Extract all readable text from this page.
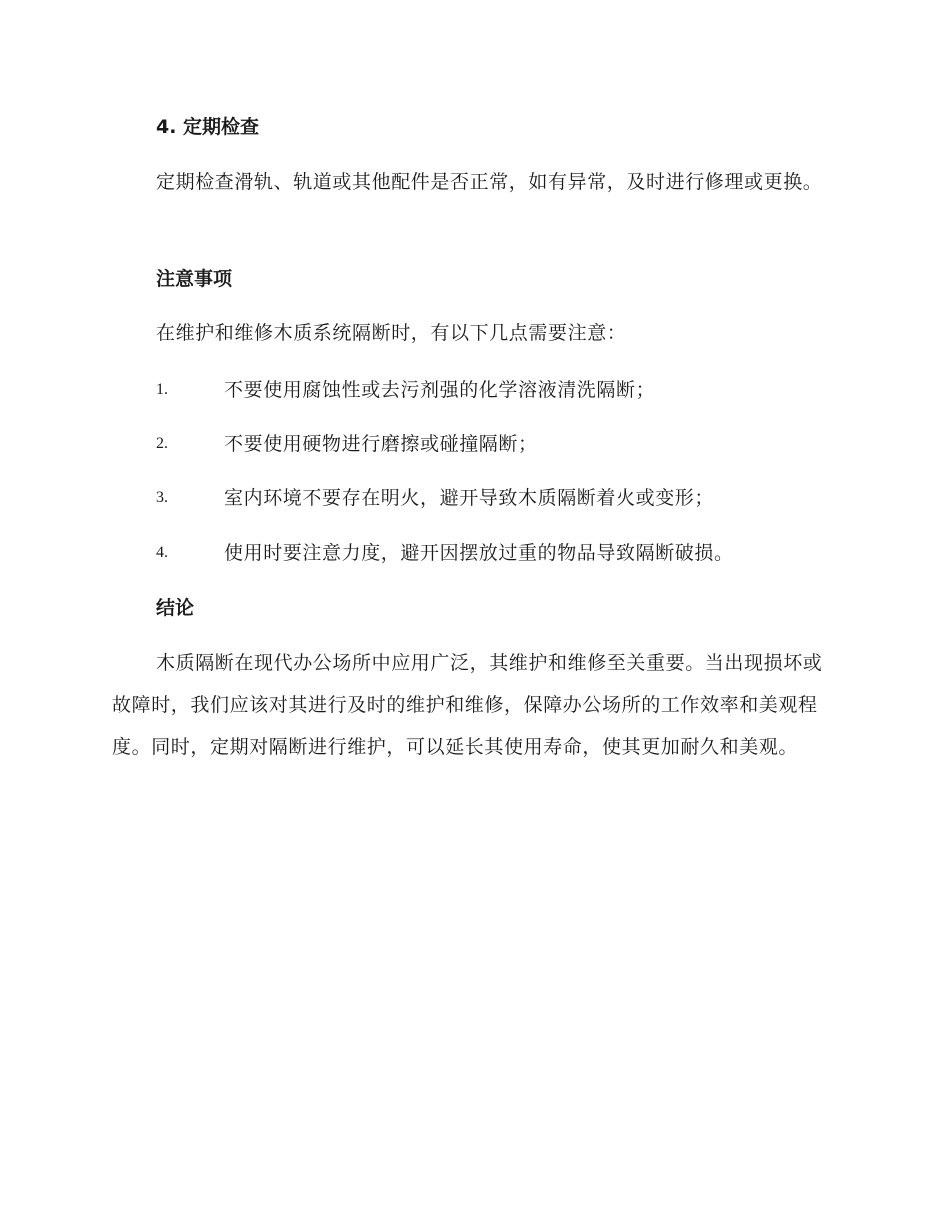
4. 定期检查

定期检查滑轨、轨道或其他配件是否正常，如有异常，及时进行修理或更换。

注意事项

在维护和维修木质系统隔断时，有以下几点需要注意：

1.	不要使用腐蚀性或去污剂强的化学溶液清洗隔断；
2.	不要使用硬物进行磨擦或碰撞隔断；
3.	室内环境不要存在明火，避开导致木质隔断着火或变形；
4.	使用时要注意力度，避开因摆放过重的物品导致隔断破损。
结论

木质隔断在现代办公场所中应用广泛，其维护和维修至关重要。当出现损坏或故障时，我们应该对其进行及时的维护和维修，保障办公场所的工作效率和美观程度。同时，定期对隔断进行维护，可以延长其使用寿命，使其更加耐久和美观。
